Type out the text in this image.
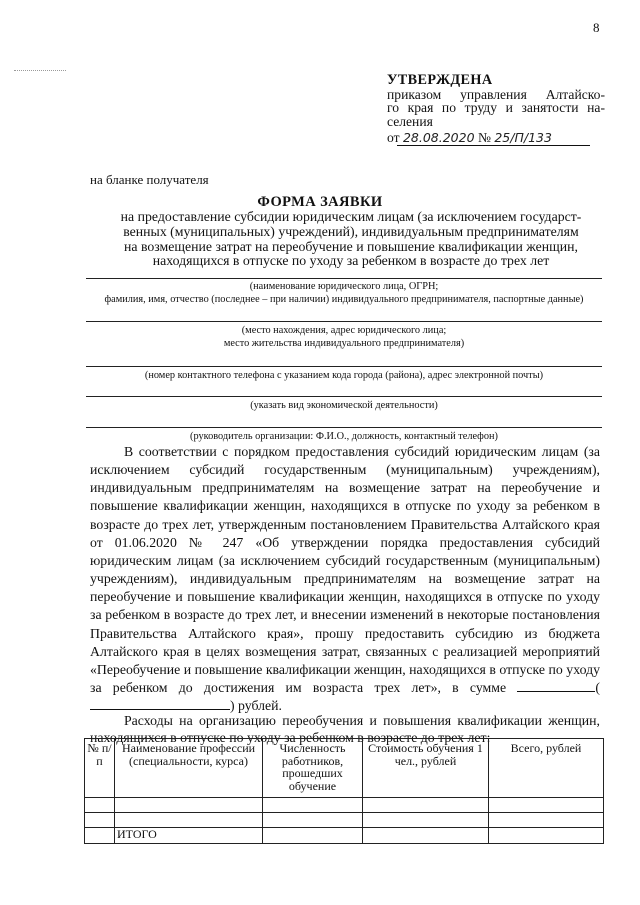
8
УТВЕРЖДЕНА
приказом управления Алтайско-
го края по труду и занятости на-
селения
от 28.08.2020 № 25/П/133
на бланке получателя
ФОРМА ЗАЯВКИ
на предоставление субсидии юридическим лицам (за исключением государст-
венных (муниципальных) учреждений), индивидуальным предпринимателям
на возмещение затрат на переобучение и повышение квалификации женщин,
находящихся в отпуске по уходу за ребенком в возрасте до трех лет
(наименование юридического лица, ОГРН;
фамилия, имя, отчество (последнее – при наличии) индивидуального предпринимателя, паспортные данные)
(место нахождения, адрес юридического лица;
место жительства индивидуального предпринимателя)
(номер контактного телефона с указанием кода города (района), адрес электронной почты)
(указать вид экономической деятельности)
(руководитель организации: Ф.И.О., должность, контактный телефон)

В соответствии с порядком предоставления субсидий юридическим лицам (за исключением субсидий государственным (муниципальным) учреждениям), индивидуальным предпринимателям на возмещение затрат на переобучение и повышение квалификации женщин, находящихся в отпуске по уходу за ребенком в возрасте до трех лет, утвержденным постановлением Правительства Алтайского края от 01.06.2020 № 247 «Об утверждении порядка предоставления субсидий юридическим лицам (за исключением субсидий государственным (муниципальным) учреждениям), индивидуальным предпринимателям на возмещение затрат на переобучение и повышение квалификации женщин, находящихся в отпуске по уходу за ребенком в возрасте до трех лет, и внесении изменений в некоторые постановления Правительства Алтайского края», прошу предоставить субсидию из бюджета Алтайского края в целях возмещения затрат, связанных с реализацией мероприятий «Переобучение и повышение квалификации женщин, находящихся в отпуске по уходу за ребенком до достижения им возраста трех лет», в сумме	() рублей.

Расходы на организацию переобучения и повышения квалификации женщин, находящихся в отпуске по уходу за ребенком в возрасте до трех лет:

№ п/п	Наименование профессии (специальности, курса)	Численность работников, прошедших обучение	Стоимость обучения 1 чел., рублей	Всего, рублей

	ИТОГО			
